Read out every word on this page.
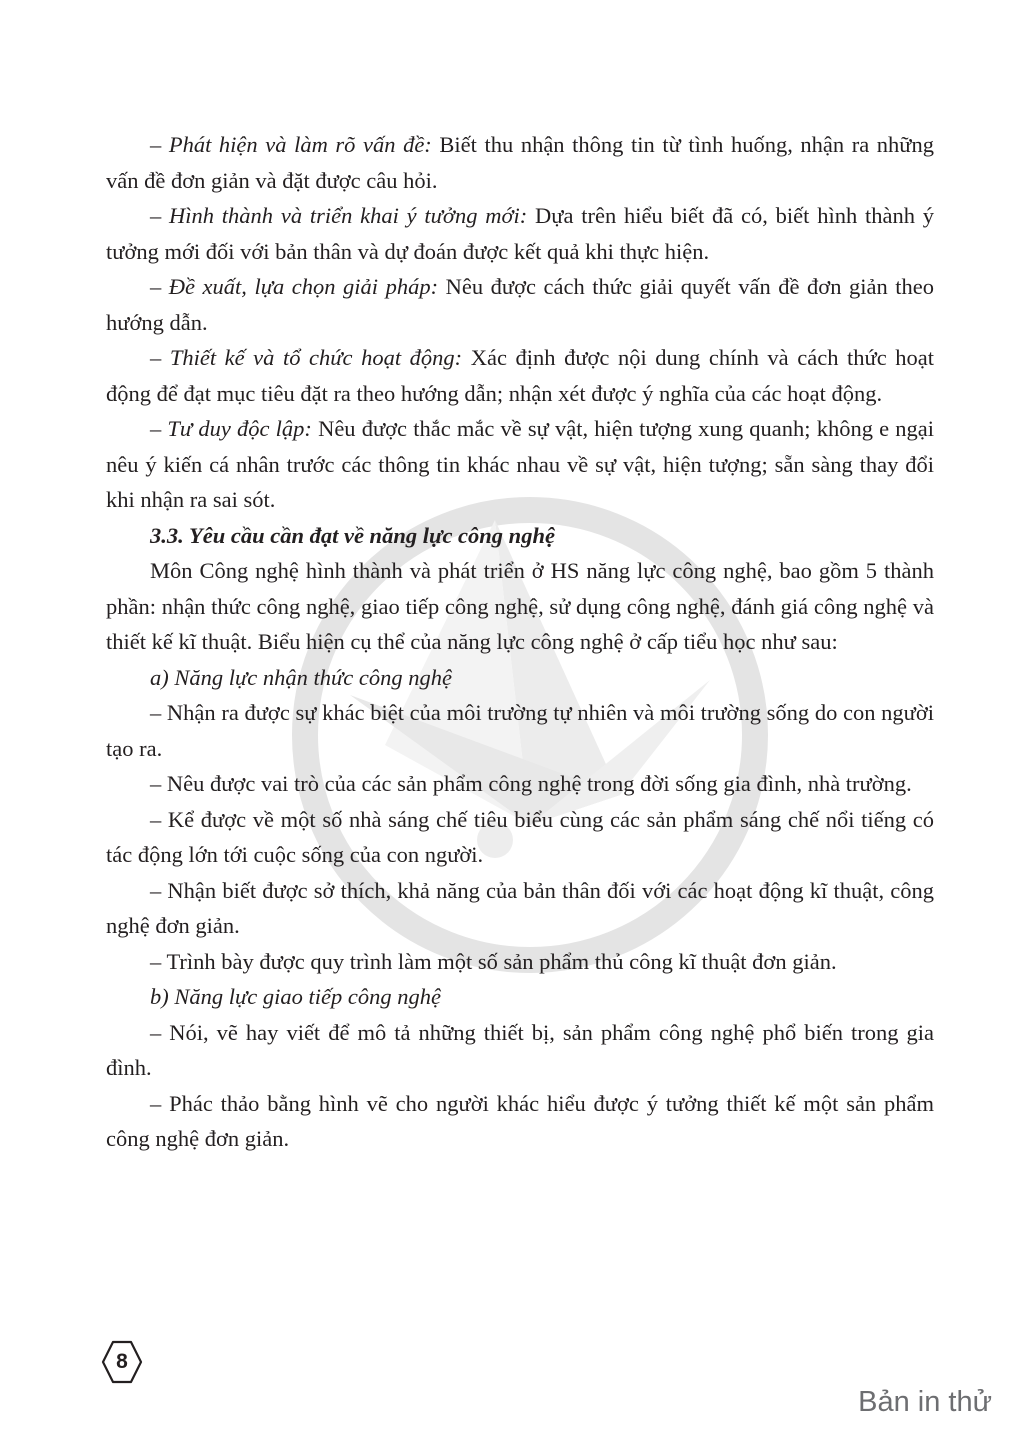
– Phát hiện và làm rõ vấn đề: Biết thu nhận thông tin từ tình huống, nhận ra những vấn đề đơn giản và đặt được câu hỏi.

– Hình thành và triển khai ý tưởng mới: Dựa trên hiểu biết đã có, biết hình thành ý tưởng mới đối với bản thân và dự đoán được kết quả khi thực hiện.

– Đề xuất, lựa chọn giải pháp: Nêu được cách thức giải quyết vấn đề đơn giản theo hướng dẫn.

– Thiết kế và tổ chức hoạt động: Xác định được nội dung chính và cách thức hoạt động để đạt mục tiêu đặt ra theo hướng dẫn; nhận xét được ý nghĩa của các hoạt động.

– Tư duy độc lập: Nêu được thắc mắc về sự vật, hiện tượng xung quanh; không e ngại nêu ý kiến cá nhân trước các thông tin khác nhau về sự vật, hiện tượng; sẵn sàng thay đổi khi nhận ra sai sót.

3.3. Yêu cầu cần đạt về năng lực công nghệ

Môn Công nghệ hình thành và phát triển ở HS năng lực công nghệ, bao gồm 5 thành phần: nhận thức công nghệ, giao tiếp công nghệ, sử dụng công nghệ, đánh giá công nghệ và thiết kế kĩ thuật. Biểu hiện cụ thể của năng lực công nghệ ở cấp tiểu học như sau:

a) Năng lực nhận thức công nghệ

– Nhận ra được sự khác biệt của môi trường tự nhiên và môi trường sống do con người tạo ra.

– Nêu được vai trò của các sản phẩm công nghệ trong đời sống gia đình, nhà trường.

– Kể được về một số nhà sáng chế tiêu biểu cùng các sản phẩm sáng chế nổi tiếng có tác động lớn tới cuộc sống của con người.

– Nhận biết được sở thích, khả năng của bản thân đối với các hoạt động kĩ thuật, công nghệ đơn giản.

– Trình bày được quy trình làm một số sản phẩm thủ công kĩ thuật đơn giản.

b) Năng lực giao tiếp công nghệ

– Nói, vẽ hay viết để mô tả những thiết bị, sản phẩm công nghệ phổ biến trong gia đình.

– Phác thảo bằng hình vẽ cho người khác hiểu được ý tưởng thiết kế một sản phẩm công nghệ đơn giản.

8
Bản in thử
